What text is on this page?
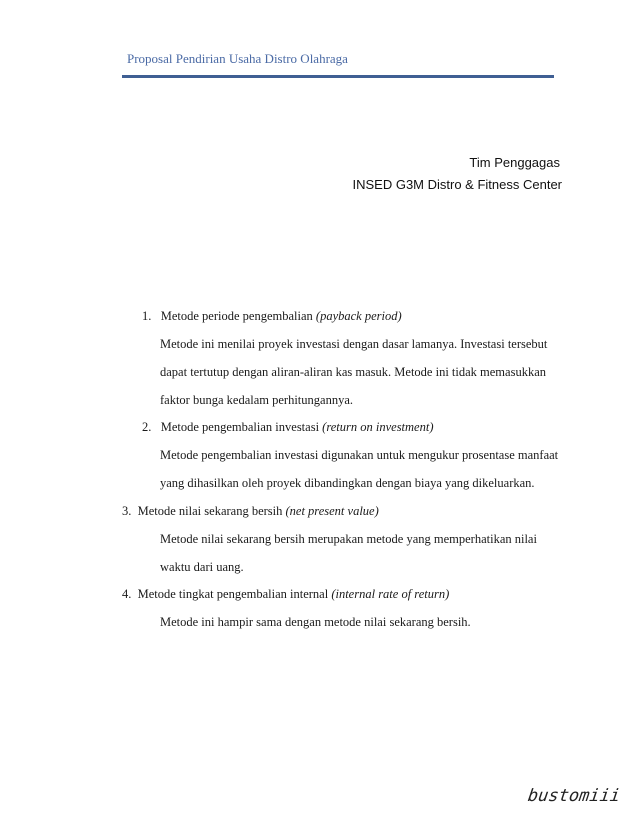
Proposal Pendirian Usaha Distro Olahraga
Tim Penggagas
INSED G3M Distro & Fitness Center
1. Metode periode pengembalian (payback period)
Metode ini menilai proyek investasi dengan dasar lamanya. Investasi tersebut
dapat tertutup dengan aliran-aliran kas masuk. Metode ini tidak memasukkan
faktor bunga kedalam perhitungannya.
2. Metode pengembalian investasi (return on investment)
Metode pengembalian investasi digunakan untuk mengukur prosentase manfaat
yang dihasilkan oleh proyek dibandingkan dengan biaya yang dikeluarkan.
3. Metode nilai sekarang bersih (net present value)
Metode nilai sekarang bersih merupakan metode yang memperhatikan nilai
waktu dari uang.
4. Metode tingkat pengembalian internal (internal rate of return)
Metode ini hampir sama dengan metode nilai sekarang bersih.
bustomiii
